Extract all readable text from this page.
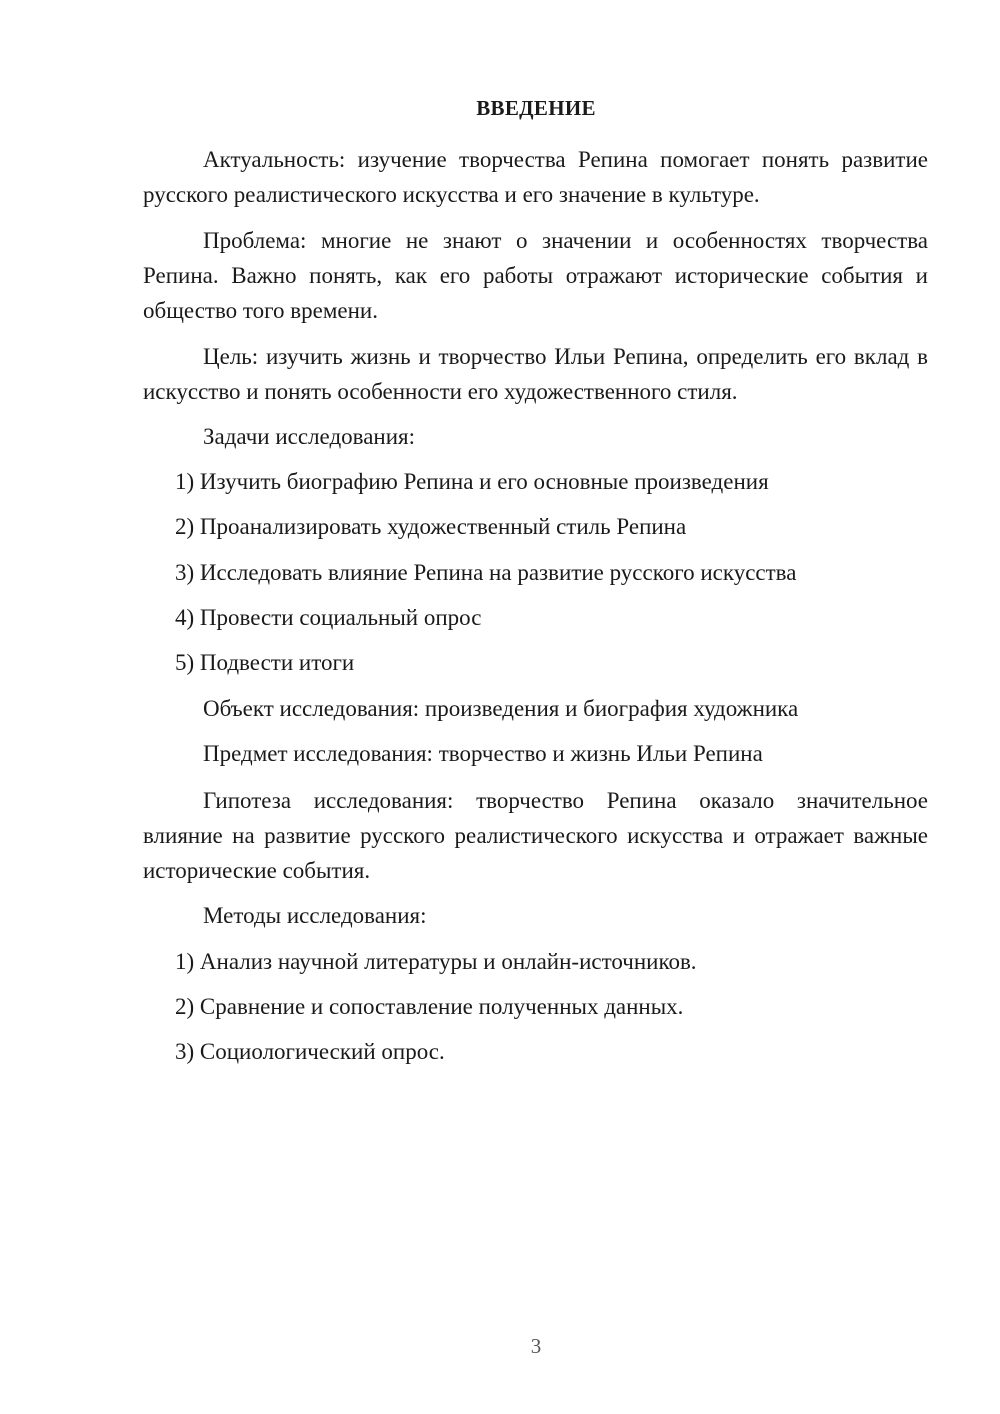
ВВЕДЕНИЕ

Актуальность: изучение творчества Репина помогает понять развитие русского реалистического искусства и его значение в культуре.

Проблема: многие не знают о значении и особенностях творчества Репина. Важно понять, как его работы отражают исторические события и общество того времени.

Цель: изучить жизнь и творчество Ильи Репина, определить его вклад в искусство и понять особенности его художественного стиля.

Задачи исследования:
1) Изучить биографию Репина и его основные произведения
2) Проанализировать художественный стиль Репина
3) Исследовать влияние Репина на развитие русского искусства
4) Провести социальный опрос
5) Подвести итоги
Объект исследования: произведения и биография художника
Предмет исследования: творчество и жизнь Ильи Репина

Гипотеза исследования: творчество Репина оказало значительное влияние на развитие русского реалистического искусства и отражает важные исторические события.

Методы исследования:
1) Анализ научной литературы и онлайн-источников.
2) Сравнение и сопоставление полученных данных.
3) Социологический опрос.
3
